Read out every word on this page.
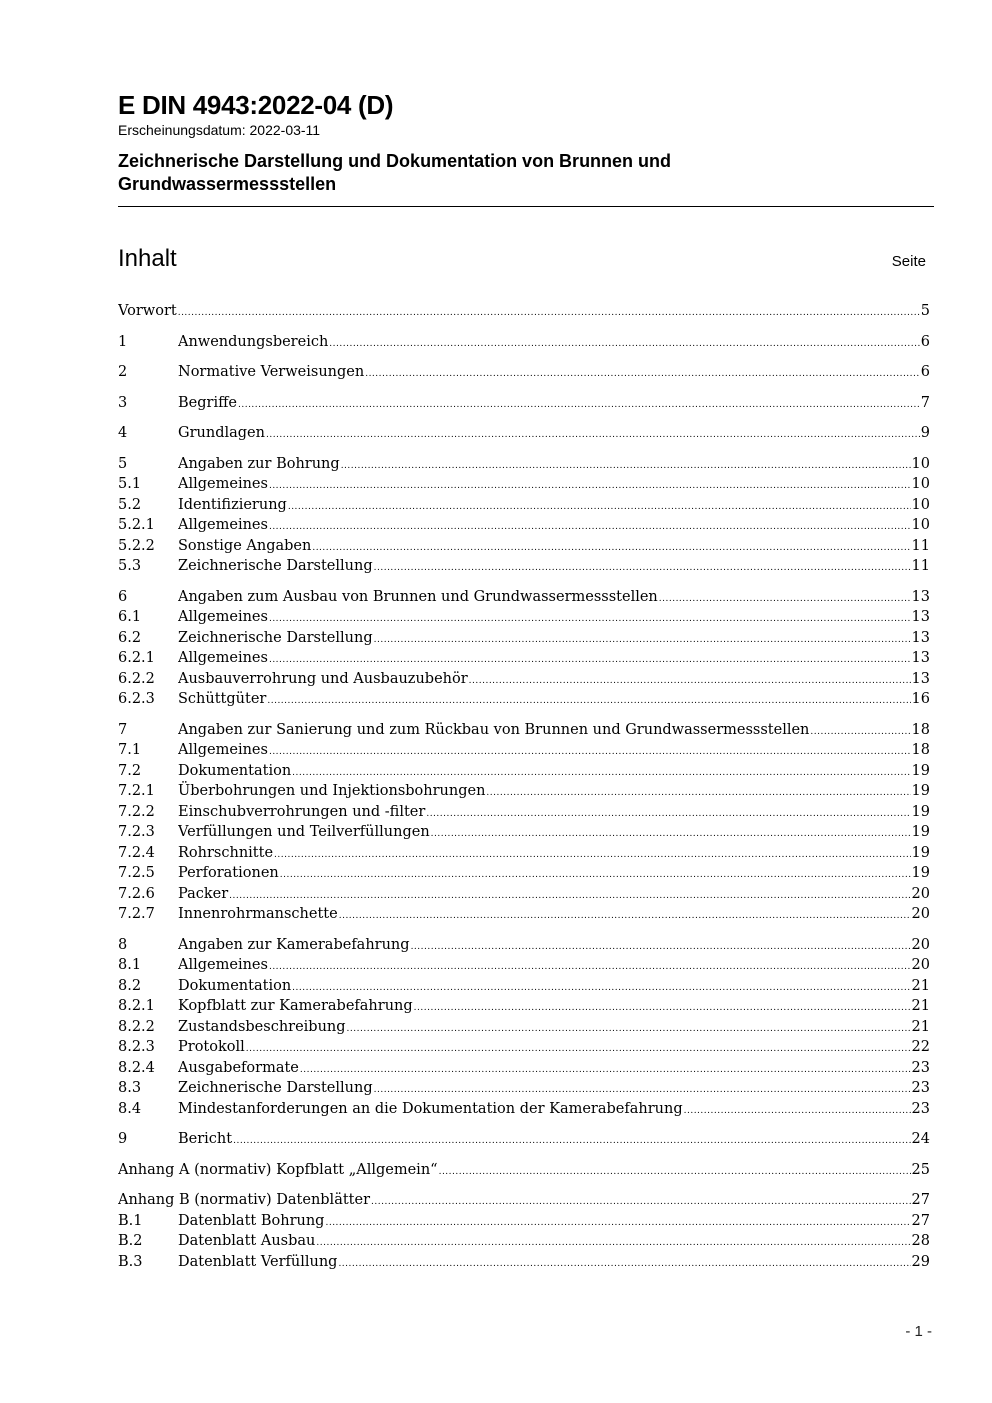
E DIN 4943:2022-04 (D)
Erscheinungsdatum: 2022-03-11
Zeichnerische Darstellung und Dokumentation von Brunnen und
Grundwassermessstellen
Inhalt	Seite
Vorwort .....	5
1	Anwendungsbereich .....	6
2	Normative Verweisungen .....	6
3	Begriffe .....	7
4	Grundlagen .....	9
5	Angaben zur Bohrung .....	10
5.1	Allgemeines .....	10
5.2	Identifizierung .....	10
5.2.1 Allgemeines .....	10
5.2.2 Sonstige Angaben .....	11
5.3	Zeichnerische Darstellung .....	11
6	Angaben zum Ausbau von Brunnen und Grundwassermessstellen .....	13
6.1	Allgemeines .....	13
6.2	Zeichnerische Darstellung .....	13
6.2.1 Allgemeines .....	13
6.2.2 Ausbauverrohrung und Ausbauzubehör .....	13
6.2.3 Schüttgüter .....	16
7	Angaben zur Sanierung und zum Rückbau von Brunnen und Grundwassermessstellen .....	18
7.1	Allgemeines .....	18
7.2	Dokumentation .....	19
7.2.1 Überbohrungen und Injektionsbohrungen .....	19
7.2.2 Einschubverrohrungen und -filter .....	19
7.2.3 Verfüllungen und Teilverfüllungen .....	19
7.2.4 Rohrschnitte .....	19
7.2.5 Perforationen .....	19
7.2.6 Packer .....	20
7.2.7 Innenrohrmanschette .....	20
8	Angaben zur Kamerabefahrung .....	20
8.1	Allgemeines .....	20
8.2	Dokumentation .....	21
8.2.1 Kopfblatt zur Kamerabefahrung .....	21
8.2.2 Zustandsbeschreibung .....	21
8.2.3 Protokoll .....	22
8.2.4 Ausgabeformate .....	23
8.3	Zeichnerische Darstellung .....	23
8.4	Mindestanforderungen an die Dokumentation der Kamerabefahrung .....	23
9	Bericht .....	24
Anhang A (normativ) Kopfblatt „Allgemein“ .....	25
Anhang B (normativ) Datenblätter .....	27
B.1 Datenblatt Bohrung .....	27
B.2 Datenblatt Ausbau .....	28
B.3 Datenblatt Verfüllung .....	29
- 1 -
